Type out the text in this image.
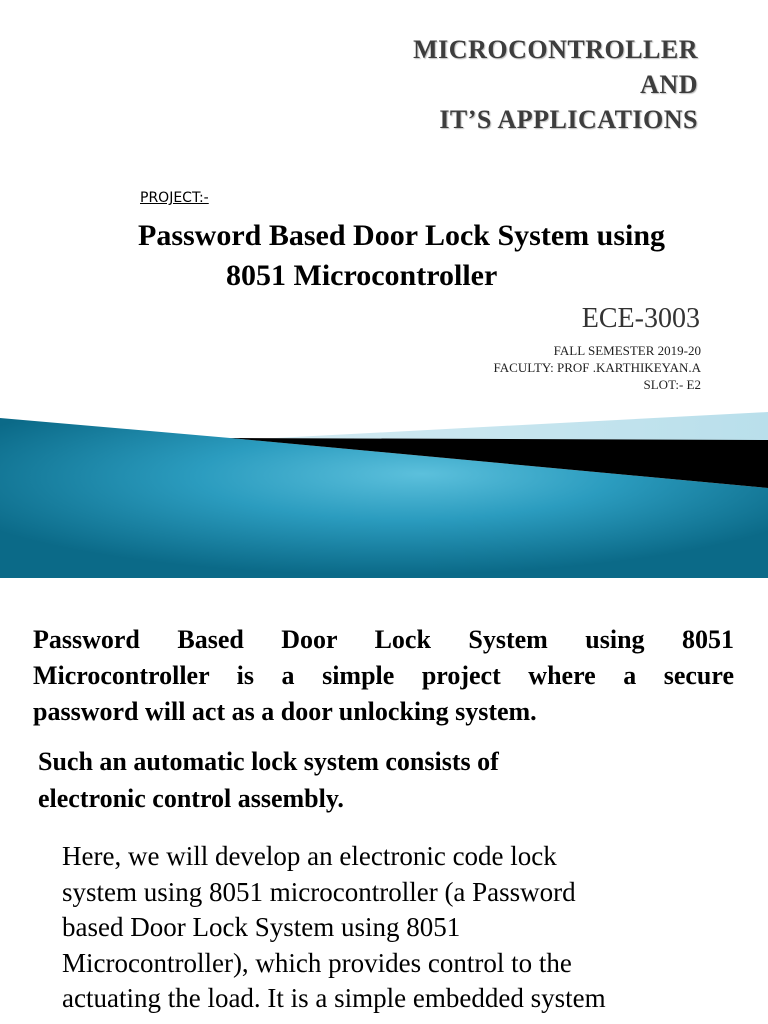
MICROCONTROLLER
AND
IT’S APPLICATIONS
PROJECT:-
Password Based Door Lock System using
8051 Microcontroller
ECE-3003
FALL SEMESTER 2019-20
FACULTY: PROF .KARTHIKEYAN.A
SLOT:- E2
Password Based Door Lock System using 8051
Microcontroller is a simple project where a secure
password will act as a door unlocking system.
Such an automatic lock system consists of
electronic control assembly.
Here, we will develop an electronic code lock
system using 8051 microcontroller (a Password
based Door Lock System using 8051
Microcontroller), which provides control to the
actuating the load. It is a simple embedded system
